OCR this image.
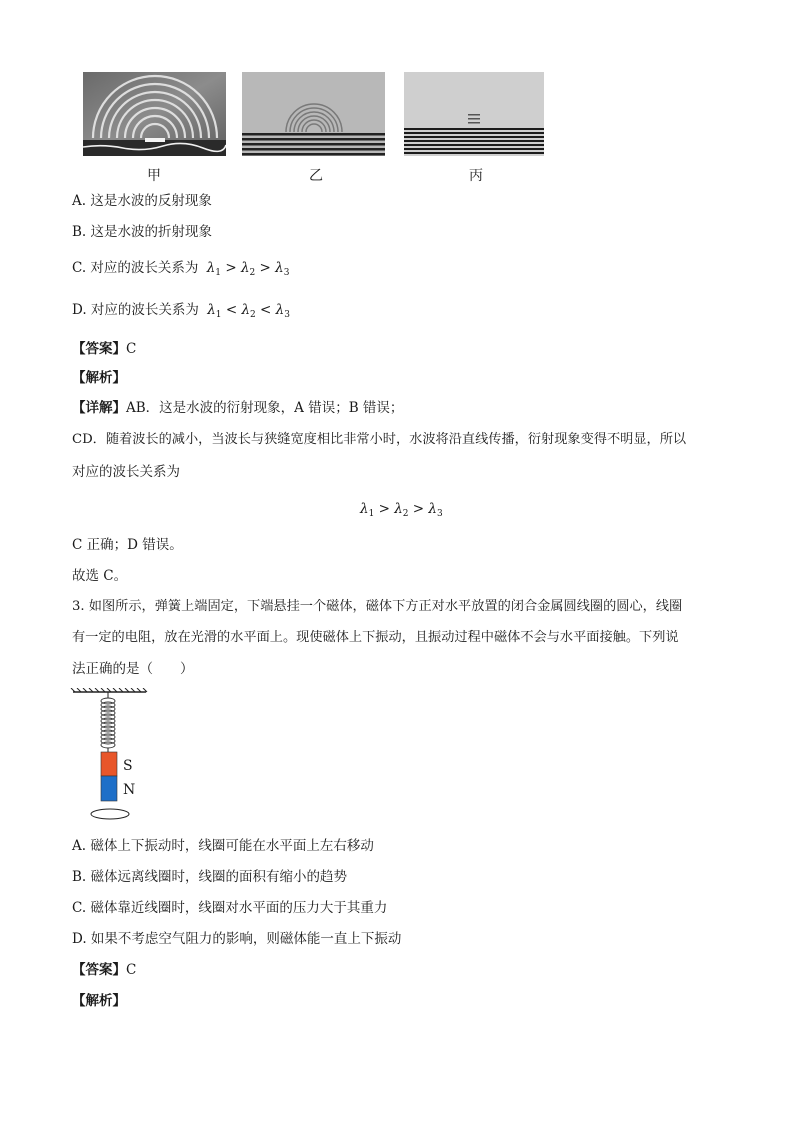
甲	乙	丙
A. 这是水波的反射现象
B. 这是水波的折射现象
C. 对应的波长关系为 $\lambda_1 > \lambda_2 > \lambda_3$
D. 对应的波长关系为 $\lambda_1 < \lambda_2 < \lambda_3$
【答案】C
【解析】
【详解】AB．这是水波的衍射现象，A 错误；B 错误；
CD．随着波长的减小，当波长与狭缝宽度相比非常小时，水波将沿直线传播，衍射现象变得不明显，所以
对应的波长关系为
$\lambda_1 > \lambda_2 > \lambda_3$
C 正确；D 错误。
故选 C。
3. 如图所示，弹簧上端固定，下端悬挂一个磁体，磁体下方正对水平放置的闭合金属圆线圈的圆心，线圈
有一定的电阻，放在光滑的水平面上。现使磁体上下振动，且振动过程中磁体不会与水平面接触。下列说
法正确的是（　　）
S
N
A. 磁体上下振动时，线圈可能在水平面上左右移动
B. 磁体远离线圈时，线圈的面积有缩小的趋势
C. 磁体靠近线圈时，线圈对水平面的压力大于其重力
D. 如果不考虑空气阻力的影响，则磁体能一直上下振动
【答案】C
【解析】
